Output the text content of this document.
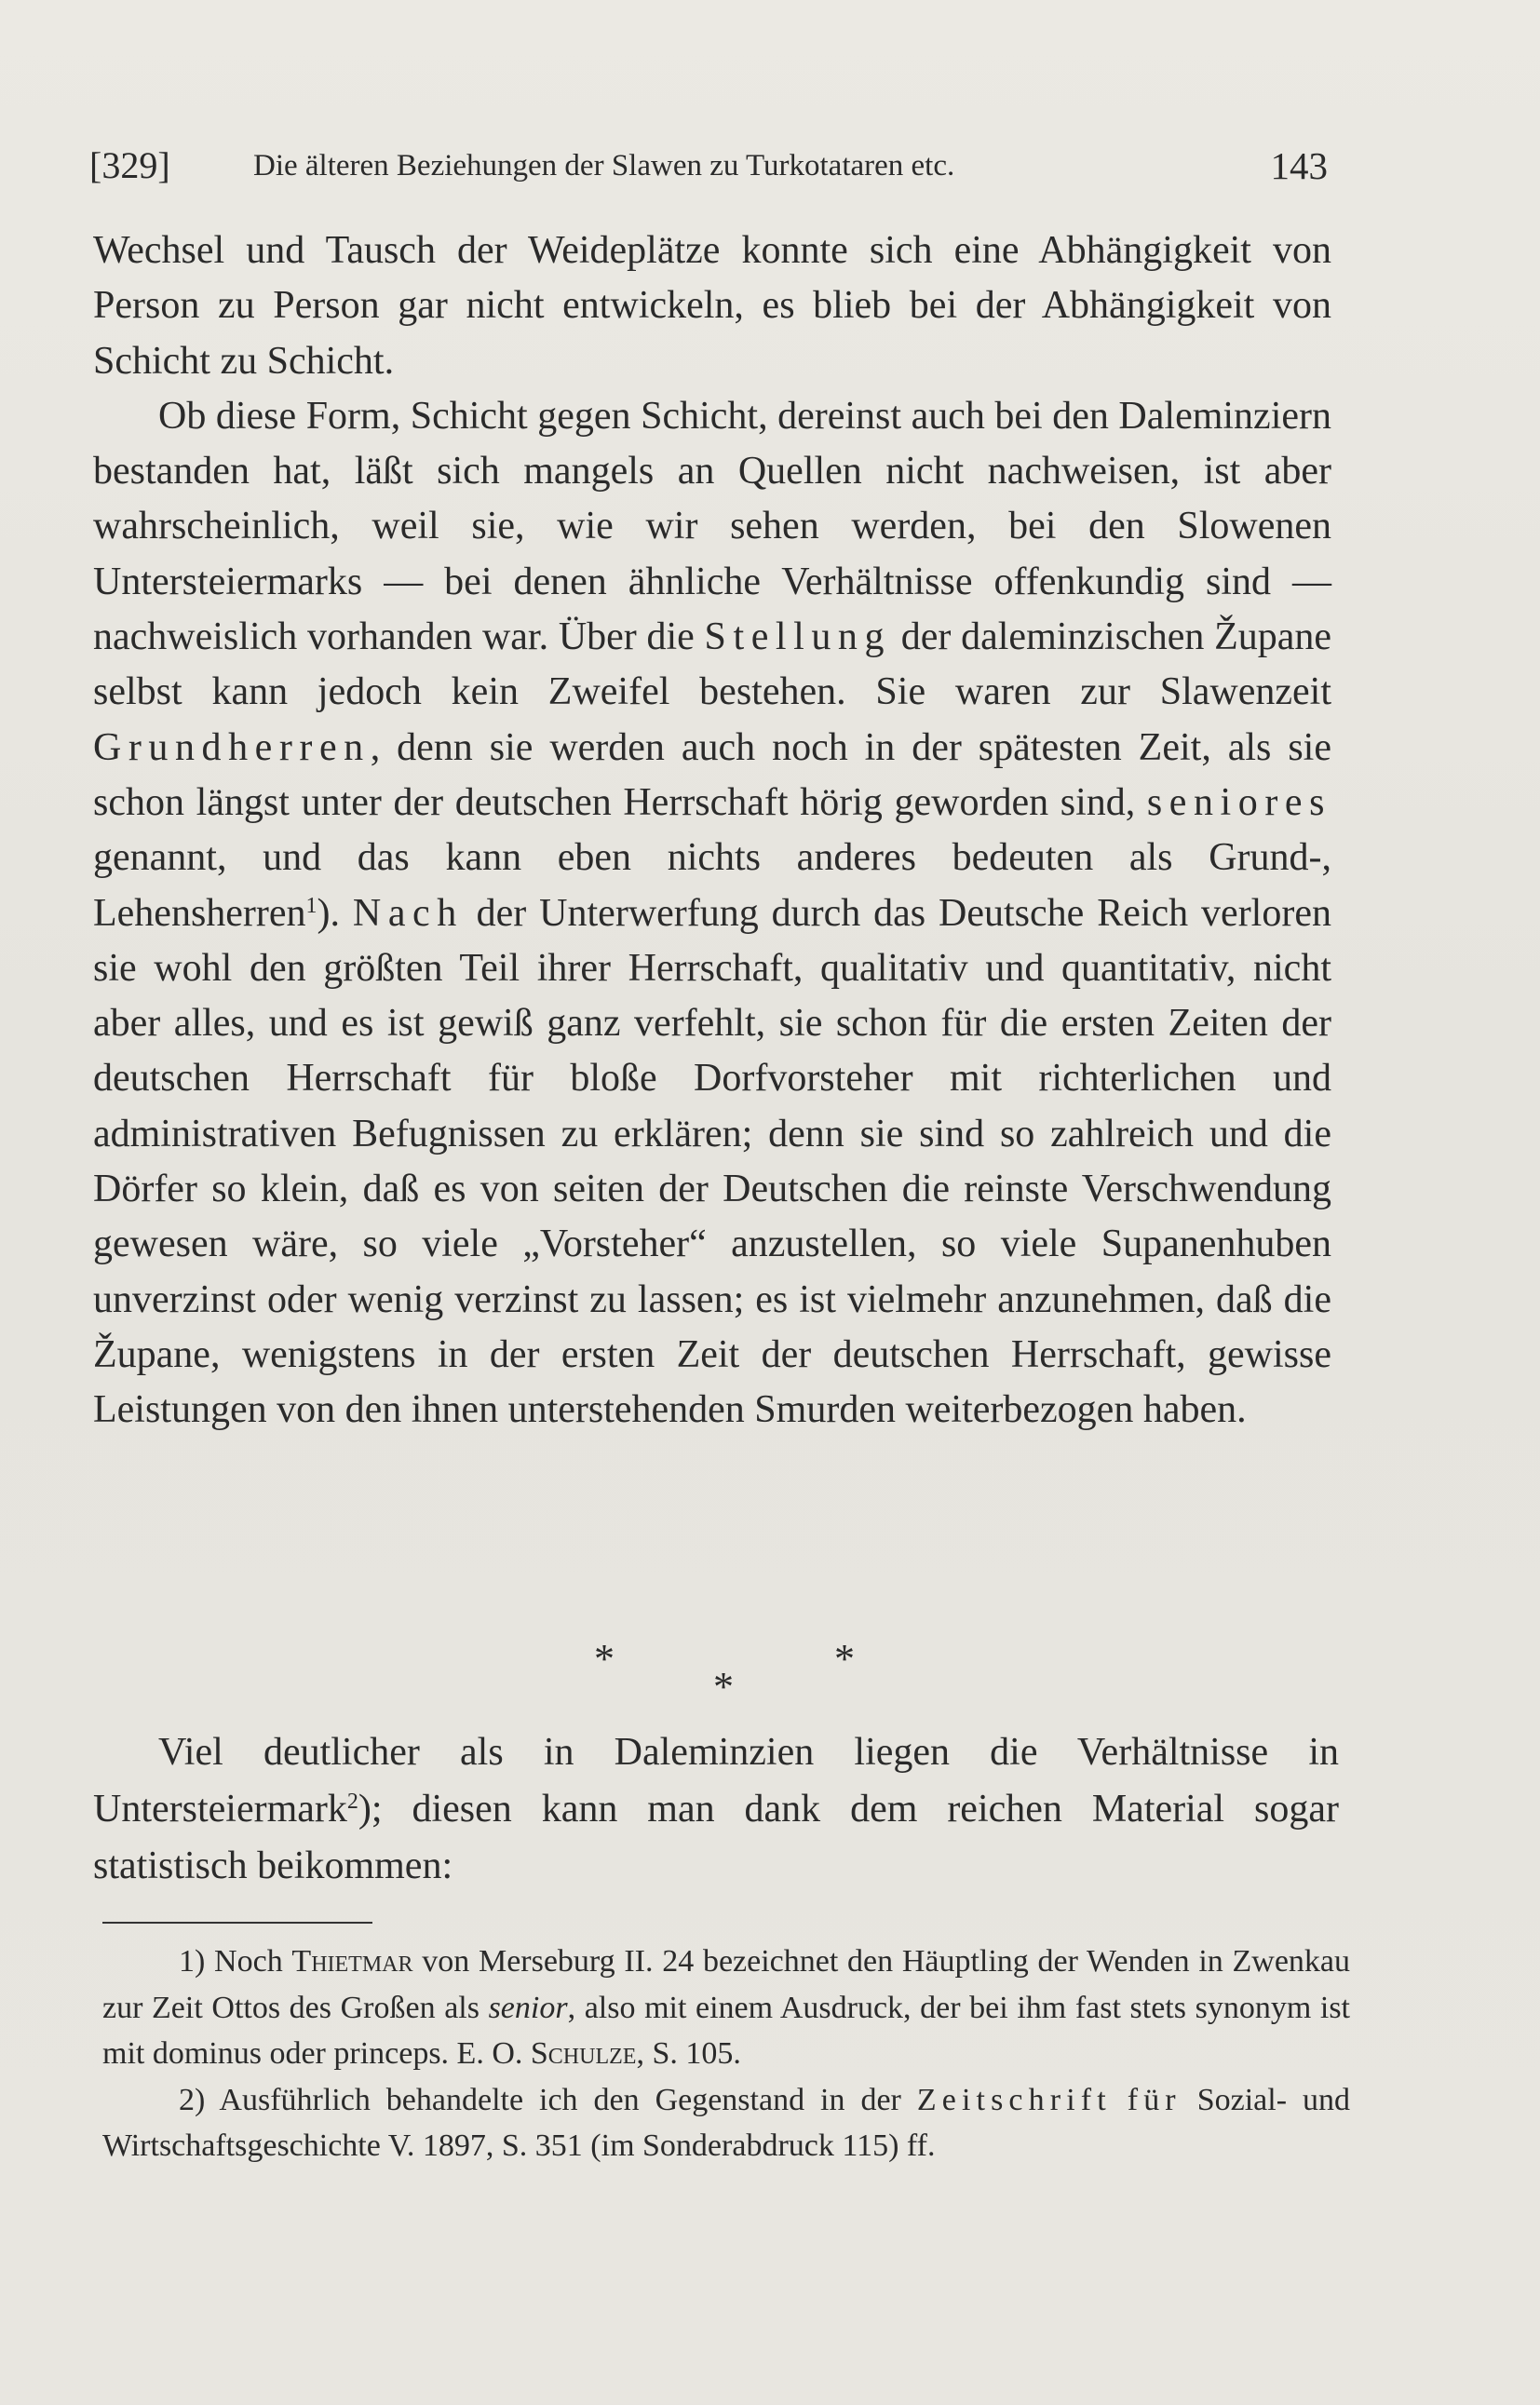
[329]	Die älteren Beziehungen der Slawen zu Turkotataren etc.	143

Wechsel und Tausch der Weideplätze konnte sich eine Abhängigkeit von Person zu Person gar nicht entwickeln, es blieb bei der Abhängigkeit von Schicht zu Schicht.

Ob diese Form, Schicht gegen Schicht, dereinst auch bei den Daleminziern bestanden hat, läßt sich mangels an Quellen nicht nachweisen, ist aber wahrscheinlich, weil sie, wie wir sehen werden, bei den Slowenen Untersteiermarks — bei denen ähnliche Verhältnisse offenkundig sind — nachweislich vorhanden war. Über die Stellung der daleminzischen Župane selbst kann jedoch kein Zweifel bestehen. Sie waren zur Slawenzeit Grundherren, denn sie werden auch noch in der spätesten Zeit, als sie schon längst unter der deutschen Herrschaft hörig geworden sind, seniores genannt, und das kann eben nichts anderes bedeuten als Grund-, Lehensherren$^1$). Nach der Unterwerfung durch das Deutsche Reich verloren sie wohl den größten Teil ihrer Herrschaft, qualitativ und quantitativ, nicht aber alles, und es ist gewiß ganz verfehlt, sie schon für die ersten Zeiten der deutschen Herrschaft für bloße Dorfvorsteher mit richterlichen und administrativen Befugnissen zu erklären; denn sie sind so zahlreich und die Dörfer so klein, daß es von seiten der Deutschen die reinste Verschwendung gewesen wäre, so viele „Vorsteher“ anzustellen, so viele Supanenhuben unverzinst oder wenig verzinst zu lassen; es ist vielmehr anzunehmen, daß die Župane, wenigstens in der ersten Zeit der deutschen Herrschaft, gewisse Leistungen von den ihnen unterstehenden Smurden weiterbezogen haben.

*	*
*

Viel deutlicher als in Daleminzien liegen die Verhältnisse in Untersteiermark$^2$); diesen kann man dank dem reichen Material sogar statistisch beikommen:

1) Noch Thietmar von Merseburg II. 24 bezeichnet den Häuptling der Wenden in Zwenkau zur Zeit Ottos des Großen als senior, also mit einem Ausdruck, der bei ihm fast stets synonym ist mit dominus oder princeps. E. O. Schulze, S. 105.

2) Ausführlich behandelte ich den Gegenstand in der Zeitschrift für Sozial- und Wirtschaftsgeschichte V. 1897, S. 351 (im Sonderabdruck 115) ff.
